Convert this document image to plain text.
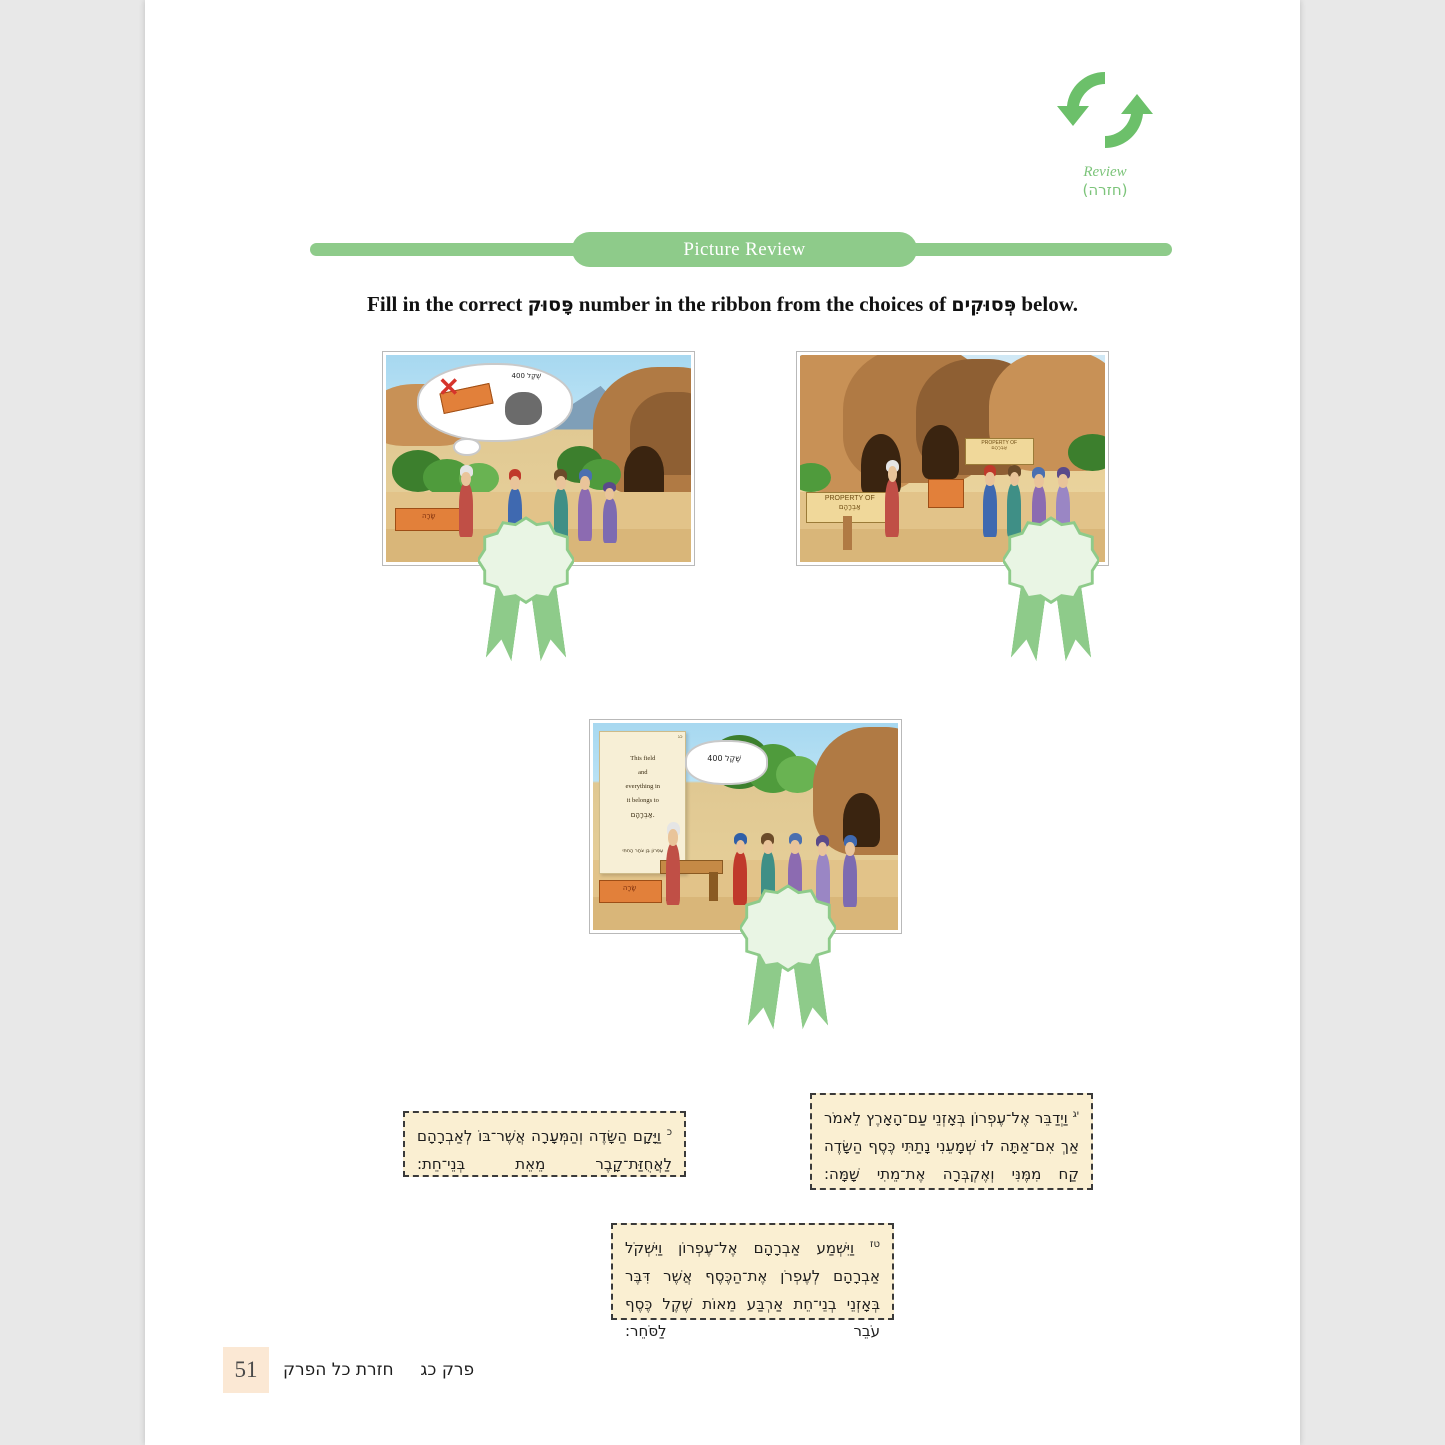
Review
(חזרה)
Picture Review
Fill in the correct פָּסוּק number in the ribbon from the choices of פְּסוּקִים below.
✕	שֶׁקֶל 400
שָׂרָה
PROPERTY OF
אַבְרָהָם
PROPERTY OF
אַבְרָהָם
כג
This field
and
everything in
it belongs to
אַבְרָהָם.
עֶפְרוֹן בֶּן צֹחַר הַחִתִּי
שֶׁקֶל 400
שָׂרָה
$^{יג}$ וַיְדַבֵּר אֶל־עֶפְרוֹן בְּאָזְנֵי עַם־הָאָרֶץ לֵאמֹר אַךְ אִם־אַתָּה לוּ שְׁמָעֵנִי נָתַתִּי כֶּסֶף הַשָּׂדֶה קַח מִמֶּנִּי וְאֶקְבְּרָה אֶת־מֵתִי שָׁמָּה:
$^כ$ וַיָּקָם הַשָּׂדֶה וְהַמְּעָרָה אֲשֶׁר־בּוֹ לְאַבְרָהָם לַאֲחֻזַּת־קָבֶר מֵאֵת בְּנֵי־חֵת:
$^{טז}$ וַיִּשְׁמַע אַבְרָהָם אֶל־עֶפְרוֹן וַיִּשְׁקֹל אַבְרָהָם לְעֶפְרֹן אֶת־הַכֶּסֶף אֲשֶׁר דִּבֶּר בְּאָזְנֵי בְנֵי־חֵת אַרְבַּע מֵאוֹת שֶׁקֶל כֶּסֶף עֹבֵר לַסֹּחֵר:
51	פרק כג  חזרת כל הפרק
